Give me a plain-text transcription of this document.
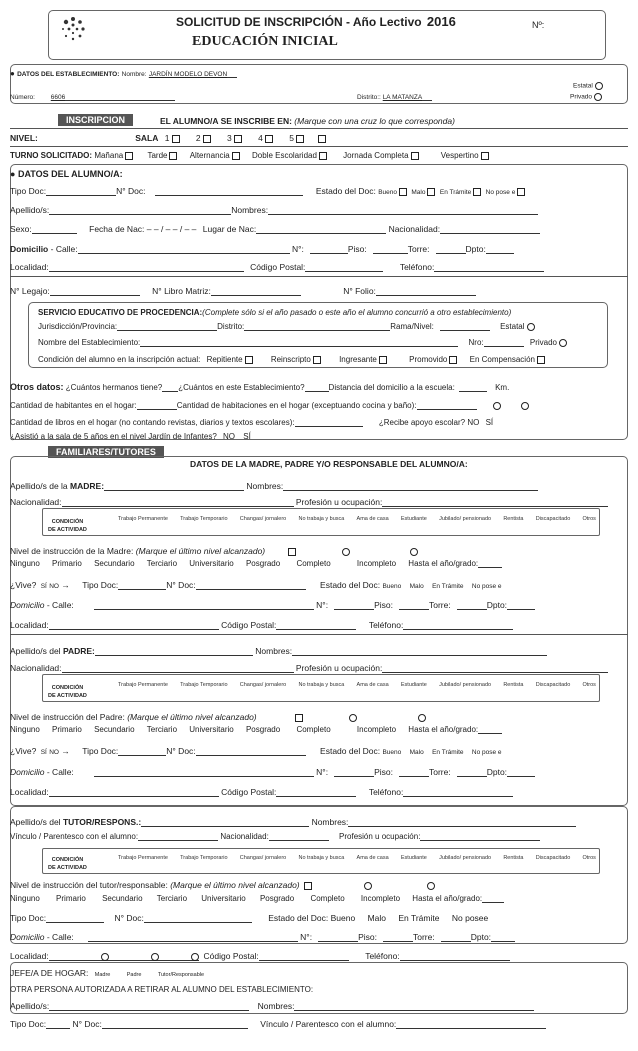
SOLICITUD DE INSCRIPCIÓN - Año Lectivo 2016	Nº:
EDUCACIÓN INICIAL
● DATOS DEL ESTABLECIMIENTO: Nombre: JARDÍN MODELO DEVON
Estatal
Número: 6606	Distrito:: LA MATANZA	Privado
INSCRIPCION	EL ALUMNO/A SE INSCRIBE EN: (Marque con una cruz lo que corresponda)
NIVEL:	SALA 1	2	3	4	5
TURNO SOLICITADO: Mañana	Tarde	Alternancia	Doble Escolaridad	Jornada Completa	Vespertino
● DATOS DEL ALUMNO/A:
Tipo Doc:	N° Doc:	Estado del Doc: Bueno Malo En Trámite No pose e
Apellido/s:	Nombres:
Sexo:	Fecha de Nac: – – / – – / – – Lugar de Nac:	Nacionalidad:
Domicilio - Calle:	N°:	Piso:	Torre:	Dpto:
Localidad:	Código Postal:	Teléfono:
N° Legajo:	N° Libro Matriz:	N° Folio:
SERVICIO EDUCATIVO DE PROCEDENCIA:(Complete sólo si el año pasado o este año el alumno concurrió a otro establecimiento)
Jurisdicción/Provincia:	Distrito:	Rama/Nivel:	Estatal
Nombre del Establecimiento:	Nro:	Privado
Condición del alumno en la inscripción actual: Repitiente	Reinscripto	Ingresante	Promovido	En Compensación
Otros datos: ¿Cuántos hermanos tiene? ¿Cuántos en este Establecimiento?	Distancia del domicilio a la escuela:	Km.
Cantidad de habitantes en el hogar:	Cantidad de habitaciones en el hogar (exceptuando cocina y baño):
Cantidad de libros en el hogar (no contando revistas, diarios y textos escolares):	¿Recibe apoyo escolar? NO SÍ
¿Asistió a la sala de 5 años en el nivel Jardín de Infantes? NO SÍ
FAMILIARES/TUTORES
DATOS DE LA MADRE, PADRE Y/O RESPONSABLE DEL ALUMNO/A:
Apellido/s de la MADRE:	Nombres:
Nacionalidad:	Profesión u ocupación:
CONDICIÓN
DE ACTIVIDAD
Trabajo Permanente Trabajo Temporario Changas/ jornalero No trabaja y busca Ama de casa Estudiante Jubilado/ pensionado Rentista Discapacitado Otros
Nivel de instrucción de la Madre: (Marque el último nivel alcanzado)
Ninguno Primario Secundario Terciario Universitario Posgrado Completo	Incompleto Hasta el año/grado:
¿Vive? SÍ NO → Tipo Doc:	N° Doc:	Estado del Doc: Bueno Malo En Trámite No pose e
Domicilio - Calle:	N°:	Piso:	Torre:	Dpto:
Localidad:	Código Postal:	Teléfono:
Apellido/s del PADRE:	Nombres:
Nacionalidad:	Profesión u ocupación:
CONDICIÓN
DE ACTIVIDAD
Trabajo Permanente Trabajo Temporario Changas/ jornalero No trabaja y busca Ama de casa Estudiante Jubilado/ pensionado Rentista Discapacitado Otros
Nivel de instrucción del Padre: (Marque el último nivel alcanzado)
Ninguno Primario Secundario Terciario Universitario Posgrado Completo	Incompleto Hasta el año/grado:
¿Vive? SÍ NO → Tipo Doc:	N° Doc:	Estado del Doc: Bueno Malo En Trámite No pose e
Domicilio - Calle:	N°:	Piso:	Torre:	Dpto:
Localidad:	Código Postal:	Teléfono:
Apellido/s del TUTOR/RESPONS.:	Nombres:
Vínculo / Parentesco con el alumno:	Nacionalidad:	Profesión u ocupación:
CONDICIÓN
DE ACTIVIDAD
Trabajo Permanente Trabajo Temporario Changas/ jornalero No trabaja y busca Ama de casa Estudiante Jubilado/ pensionado Rentista Discapacitado Otros
Nivel de instrucción del tutor/responsable: (Marque el último nivel alcanzado)
Ninguno Primario Secundario Terciario Universitario Posgrado Completo Incompleto Hasta el año/grado:
Tipo Doc:	N° Doc:	Estado del Doc: Bueno Malo En Trámite No posee
Domicilio - Calle:	N°:	Piso:	Torre:	Dpto:
Localidad:	Código Postal:	Teléfono:
JEFE/A DE HOGAR: Madre	Padre	Tutor/Responsable
OTRA PERSONA AUTORIZADA A RETIRAR AL ALUMNO DEL ESTABLECIMIENTO:
Apellido/s:	Nombres:
Tipo Doc:	N° Doc:	Vínculo / Parentesco con el alumno:
